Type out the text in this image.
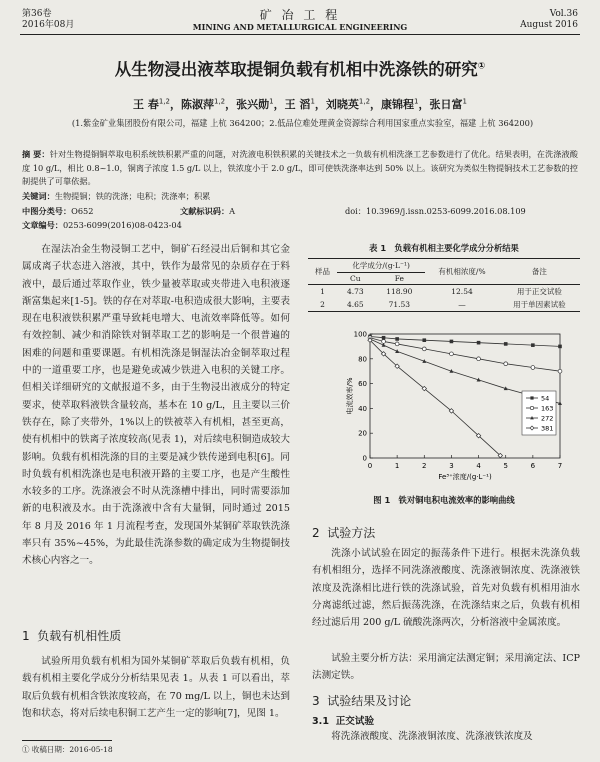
第36卷
2016年08月
矿 冶 工 程
MINING AND METALLURGICAL ENGINEERING
Vol.36
August 2016
从生物浸出液萃取提铜负载有机相中洗涤铁的研究①
王 春$^{1,2}$，陈淑萍$^{1,2}$，张兴勋$^1$，王 滔$^1$，刘晓英$^{1,2}$，康锦程$^1$，张日富$^1$
(1.紫金矿业集团股份有限公司，福建 上杭 364200；2.低品位难处理黄金资源综合利用国家重点实验室，福建 上杭 364200)
摘 要：针对生物提铜铜萃取电积系统铁积累严重的问题，对洗液电积铁积累的关键技术之一负载有机相洗涤工艺参数进行了优化。结果表明，在洗涤液酸度 10 g/L，相比 0.8~1.0，铜离子浓度 1.5 g/L 以上，铁浓度小于 2.0 g/L，即可使铁洗涤率达到 50% 以上。该研究为类似生物提铜技术工艺参数的控制提供了可靠依据。
关键词：生物提铜；铁的洗涤；电积；洗涤率；积累
中图分类号：O652	文献标识码：A	doi：10.3969/j.issn.0253-6099.2016.08.109
文章编号：0253-6099(2016)08-0423-04
在湿法冶金生物浸铜工艺中，铜矿石经浸出后铜和其它金属成离子状态进入溶液，其中，铁作为最常见的杂质存在于料液中，最后通过萃取作业，铁少量被萃取或夹带进入电积液逐渐富集起来[1-5]。铁的存在对萃取-电积造成很大影响，主要表现在电积液铁积累严重导致耗电增大、电流效率降低等。如何有效控制、减少和消除铁对铜萃取工艺的影响是一个很普遍的困难的问题和重要课题。有机相洗涤是铜湿法冶金铜萃取过程中的一道重要工序，也是避免或减少铁进入电积的关键工序。但相关详细研究的文献报道不多，由于生物浸出液成分的特定要求，使萃取料液铁含量较高，基本在 10 g/L，且主要以三价铁存在，除了夹带外，1%以上的铁被萃入有机相，甚至更高，使有机相中的铁离子浓度较高(见表 1)，对后续电积铜造成较大影响。负载有机相洗涤的目的主要是减少铁传递到电积[6]。同时负载有机相洗涤也是电积液开路的主要工序，也是产生酸性水较多的工序。洗涤液会不时从洗涤槽中排出，同时需要添加新的电积液及水。由于洗涤液中含有大量铜，同时通过 2015 年 8 月及 2016 年 1 月流程考查，发现国外某铜矿萃取铁洗涤率只有 35%~45%，为此最佳洗涤参数的确定成为生物提铜技术核心内容之一。
1 负载有机相性质
试验所用负载有机相为国外某铜矿萃取后负载有机相，负载有机相主要化学成分分析结果见表 1。从表 1 可以看出，萃取后负载有机相含铁浓度较高，在 70 mg/L 以上，铜也未达到饱和状态，将对后续电积铜工艺产生一定的影响[7]，见图 1。
表 1　负载有机相主要化学成分分析结果
样品	化学成分/(g·L⁻¹)		有机相浓度/%	备注
	Cu	Fe		
1	4.73	118.90	12.54	用于正交试验
2	4.65	71.53	—	用于单因素试验
0	1	2	3	4	5	6	7
0
20
40
60
80
100
Fe³⁺浓度/(g·L⁻¹)
电流效率/%	54
163
272
381
图 1　铁对铜电积电流效率的影响曲线
2 试验方法
洗涤小试试验在固定的振荡条件下进行。根据未洗涤负载有机相组分，选择不同洗涤液酸度、洗涤液铜浓度、洗涤液铁浓度及洗涤相比进行铁的洗涤试验，首先对负载有机相用油水分离滤纸过滤，然后振荡洗涤，在洗涤结束之后，负载有机相经过滤后用 200 g/L 硫酸洗涤两次，分析溶液中金属浓度。
试验主要分析方法：采用滴定法测定铜；采用滴定法、ICP 法测定铁。
3 试验结果及讨论
3.1 正交试验
将洗涤液酸度、洗涤液铜浓度、洗涤液铁浓度及
① 收稿日期：2016-05-18
